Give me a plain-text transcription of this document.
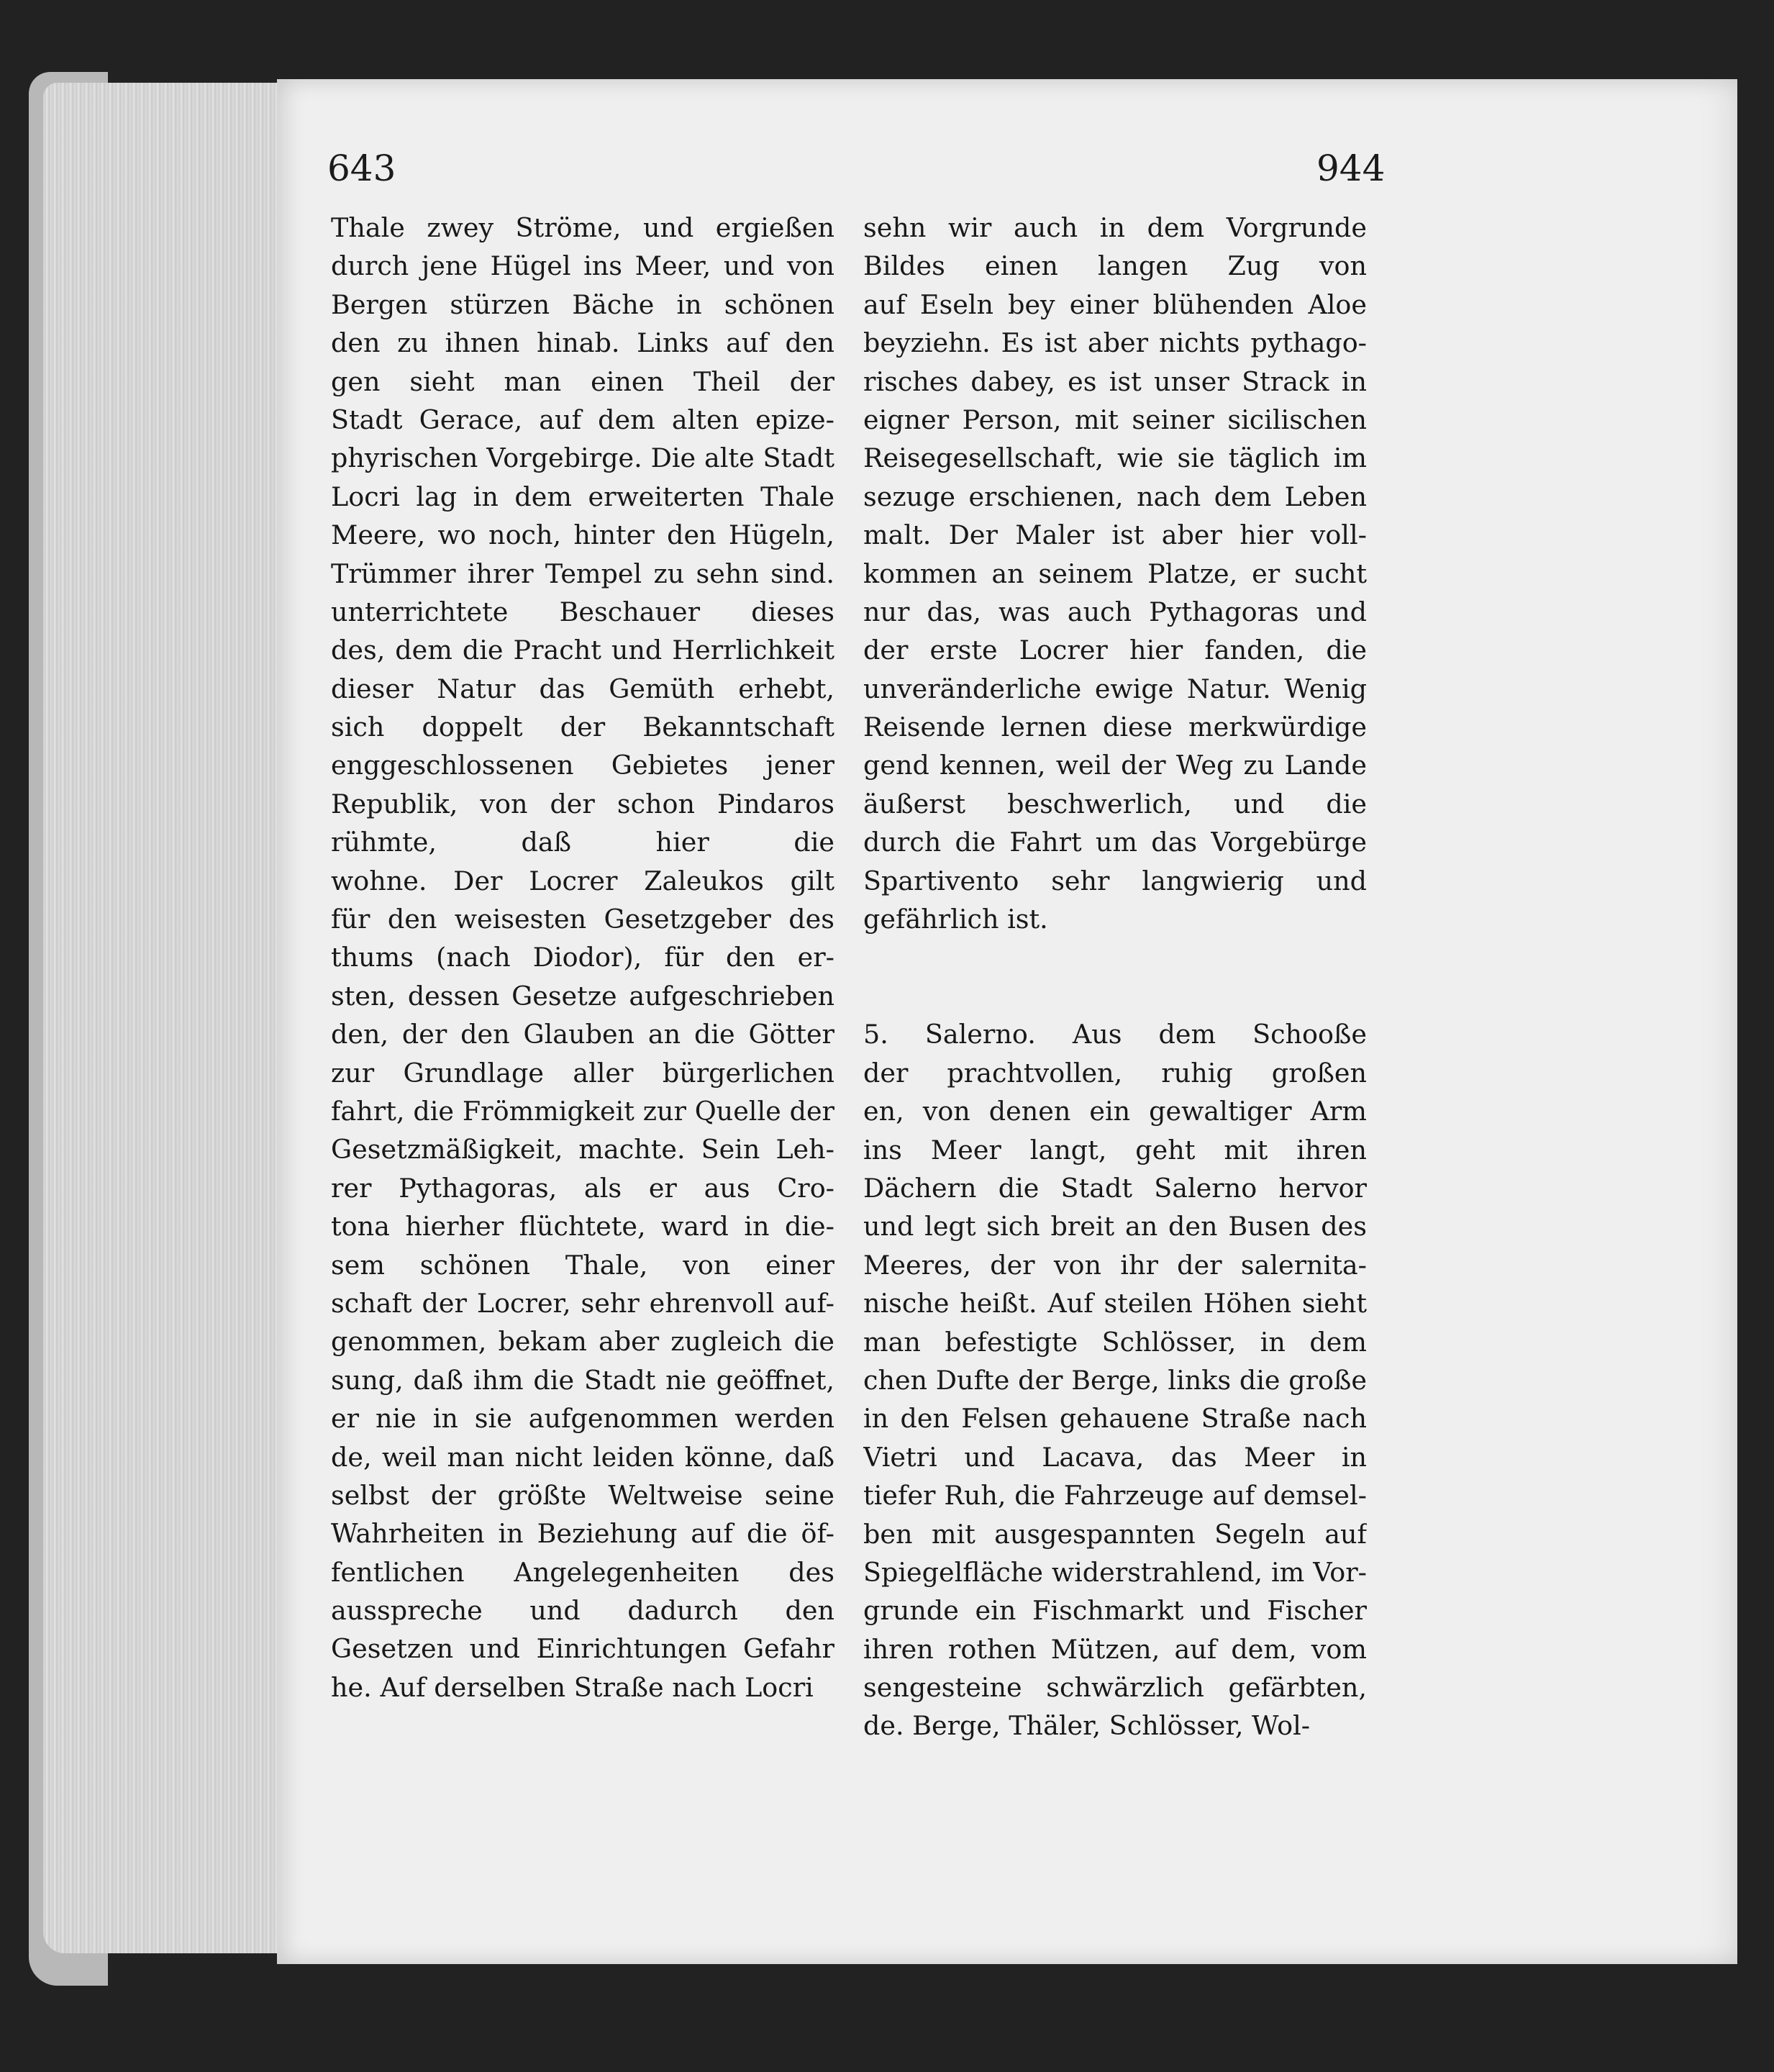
643	944
Thale zwey Ströme, und ergießen
durch jene Hügel ins Meer, und von
Bergen stürzen Bäche in schönen
den zu ihnen hinab. Links auf den
gen sieht man einen Theil der
Stadt Gerace, auf dem alten epize-
phyrischen Vorgebirge. Die alte Stadt
Locri lag in dem erweiterten Thale
Meere, wo noch, hinter den Hügeln,
Trümmer ihrer Tempel zu sehn sind.
unterrichtete Beschauer dieses
des, dem die Pracht und Herrlichkeit
dieser Natur das Gemüth erhebt,
sich doppelt der Bekanntschaft
enggeschlossenen Gebietes jener
Republik, von der schon Pindaros
rühmte, daß hier die
wohne. Der Locrer Zaleukos gilt
für den weisesten Gesetzgeber des
thums (nach Diodor), für den er-
sten, dessen Gesetze aufgeschrieben
den, der den Glauben an die Götter
zur Grundlage aller bürgerlichen
fahrt, die Frömmigkeit zur Quelle der
Gesetzmäßigkeit, machte. Sein Leh-
rer Pythagoras, als er aus Cro-
tona hierher flüchtete, ward in die-
sem schönen Thale, von einer
schaft der Locrer, sehr ehrenvoll auf-
genommen, bekam aber zugleich die
sung, daß ihm die Stadt nie geöffnet,
er nie in sie aufgenommen werden
de, weil man nicht leiden könne, daß
selbst der größte Weltweise seine
Wahrheiten in Beziehung auf die öf-
fentlichen Angelegenheiten des
ausspreche und dadurch den
Gesetzen und Einrichtungen Gefahr
he. Auf derselben Straße nach Locri
sehn wir auch in dem Vorgrunde
Bildes einen langen Zug von
auf Eseln bey einer blühenden Aloe
beyziehn. Es ist aber nichts pythago-
risches dabey, es ist unser Strack in
eigner Person, mit seiner sicilischen
Reisegesellschaft, wie sie täglich im
sezuge erschienen, nach dem Leben
malt. Der Maler ist aber hier voll-
kommen an seinem Platze, er sucht
nur das, was auch Pythagoras und
der erste Locrer hier fanden, die
unveränderliche ewige Natur. Wenig
Reisende lernen diese merkwürdige
gend kennen, weil der Weg zu Lande
äußerst beschwerlich, und die
durch die Fahrt um das Vorgebürge
Spartivento sehr langwierig und
gefährlich ist.
5. Salerno. Aus dem Schooße
der prachtvollen, ruhig großen
en, von denen ein gewaltiger Arm
ins Meer langt, geht mit ihren
Dächern die Stadt Salerno hervor
und legt sich breit an den Busen des
Meeres, der von ihr der salernita-
nische heißt. Auf steilen Höhen sieht
man befestigte Schlösser, in dem
chen Dufte der Berge, links die große
in den Felsen gehauene Straße nach
Vietri und Lacava, das Meer in
tiefer Ruh, die Fahrzeuge auf demsel-
ben mit ausgespannten Segeln auf
Spiegelfläche widerstrahlend, im Vor-
grunde ein Fischmarkt und Fischer
ihren rothen Mützen, auf dem, vom
sengesteine schwärzlich gefärbten,
de. Berge, Thäler, Schlösser, Wol-
